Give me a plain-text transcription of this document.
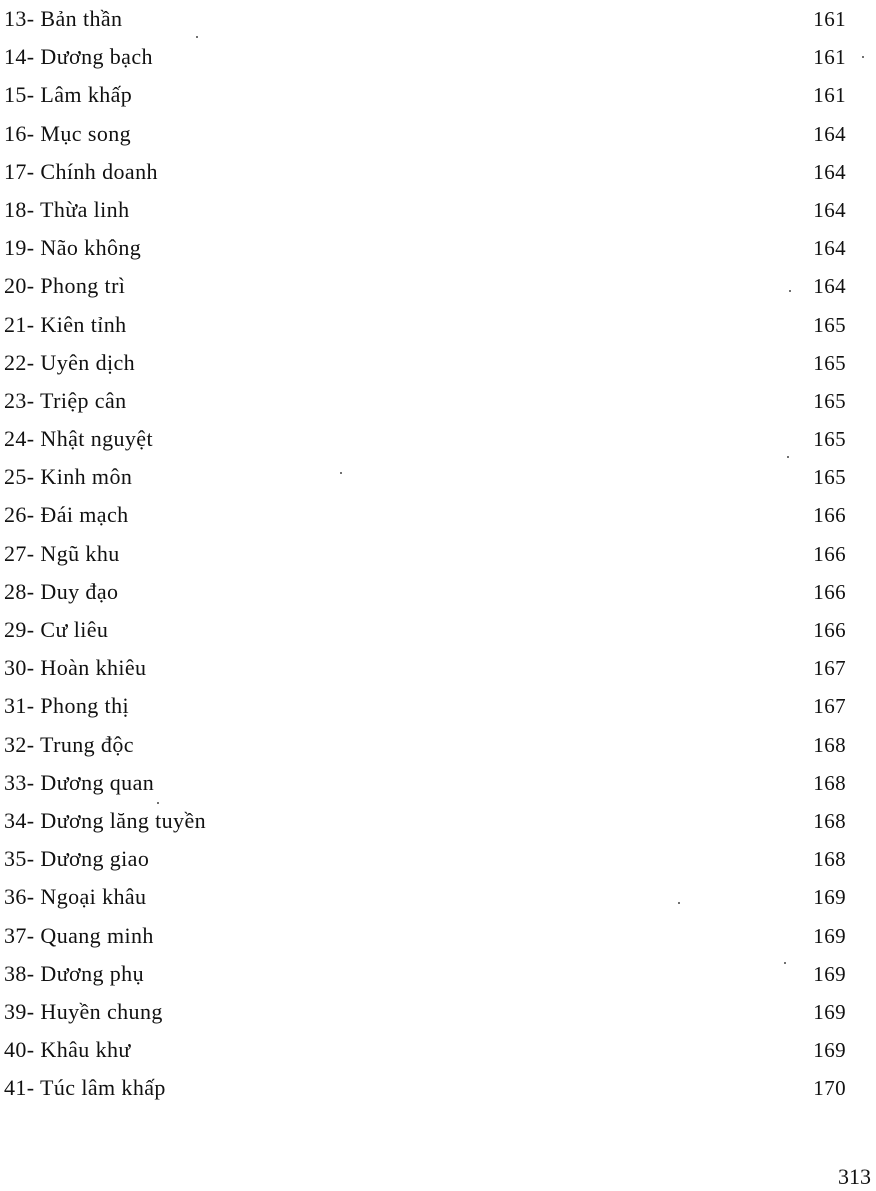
13- Bản thần	161
14- Dương bạch	161
15- Lâm khấp	161
16- Mục song	164
17- Chính doanh	164
18- Thừa linh	164
19- Não không	164
20- Phong trì	164
21- Kiên tỉnh	165
22- Uyên dịch	165
23- Triệp cân	165
24- Nhật nguyệt	165
25- Kinh môn	165
26- Đái mạch	166
27- Ngũ khu	166
28- Duy đạo	166
29- Cư liêu	166
30- Hoàn khiêu	167
31- Phong thị	167
32- Trung độc	168
33- Dương quan	168
34- Dương lăng tuyền	168
35- Dương giao	168
36- Ngoại khâu	169
37- Quang minh	169
38- Dương phụ	169
39- Huyền chung	169
40- Khâu khư	169
41- Túc lâm khấp	170
313
